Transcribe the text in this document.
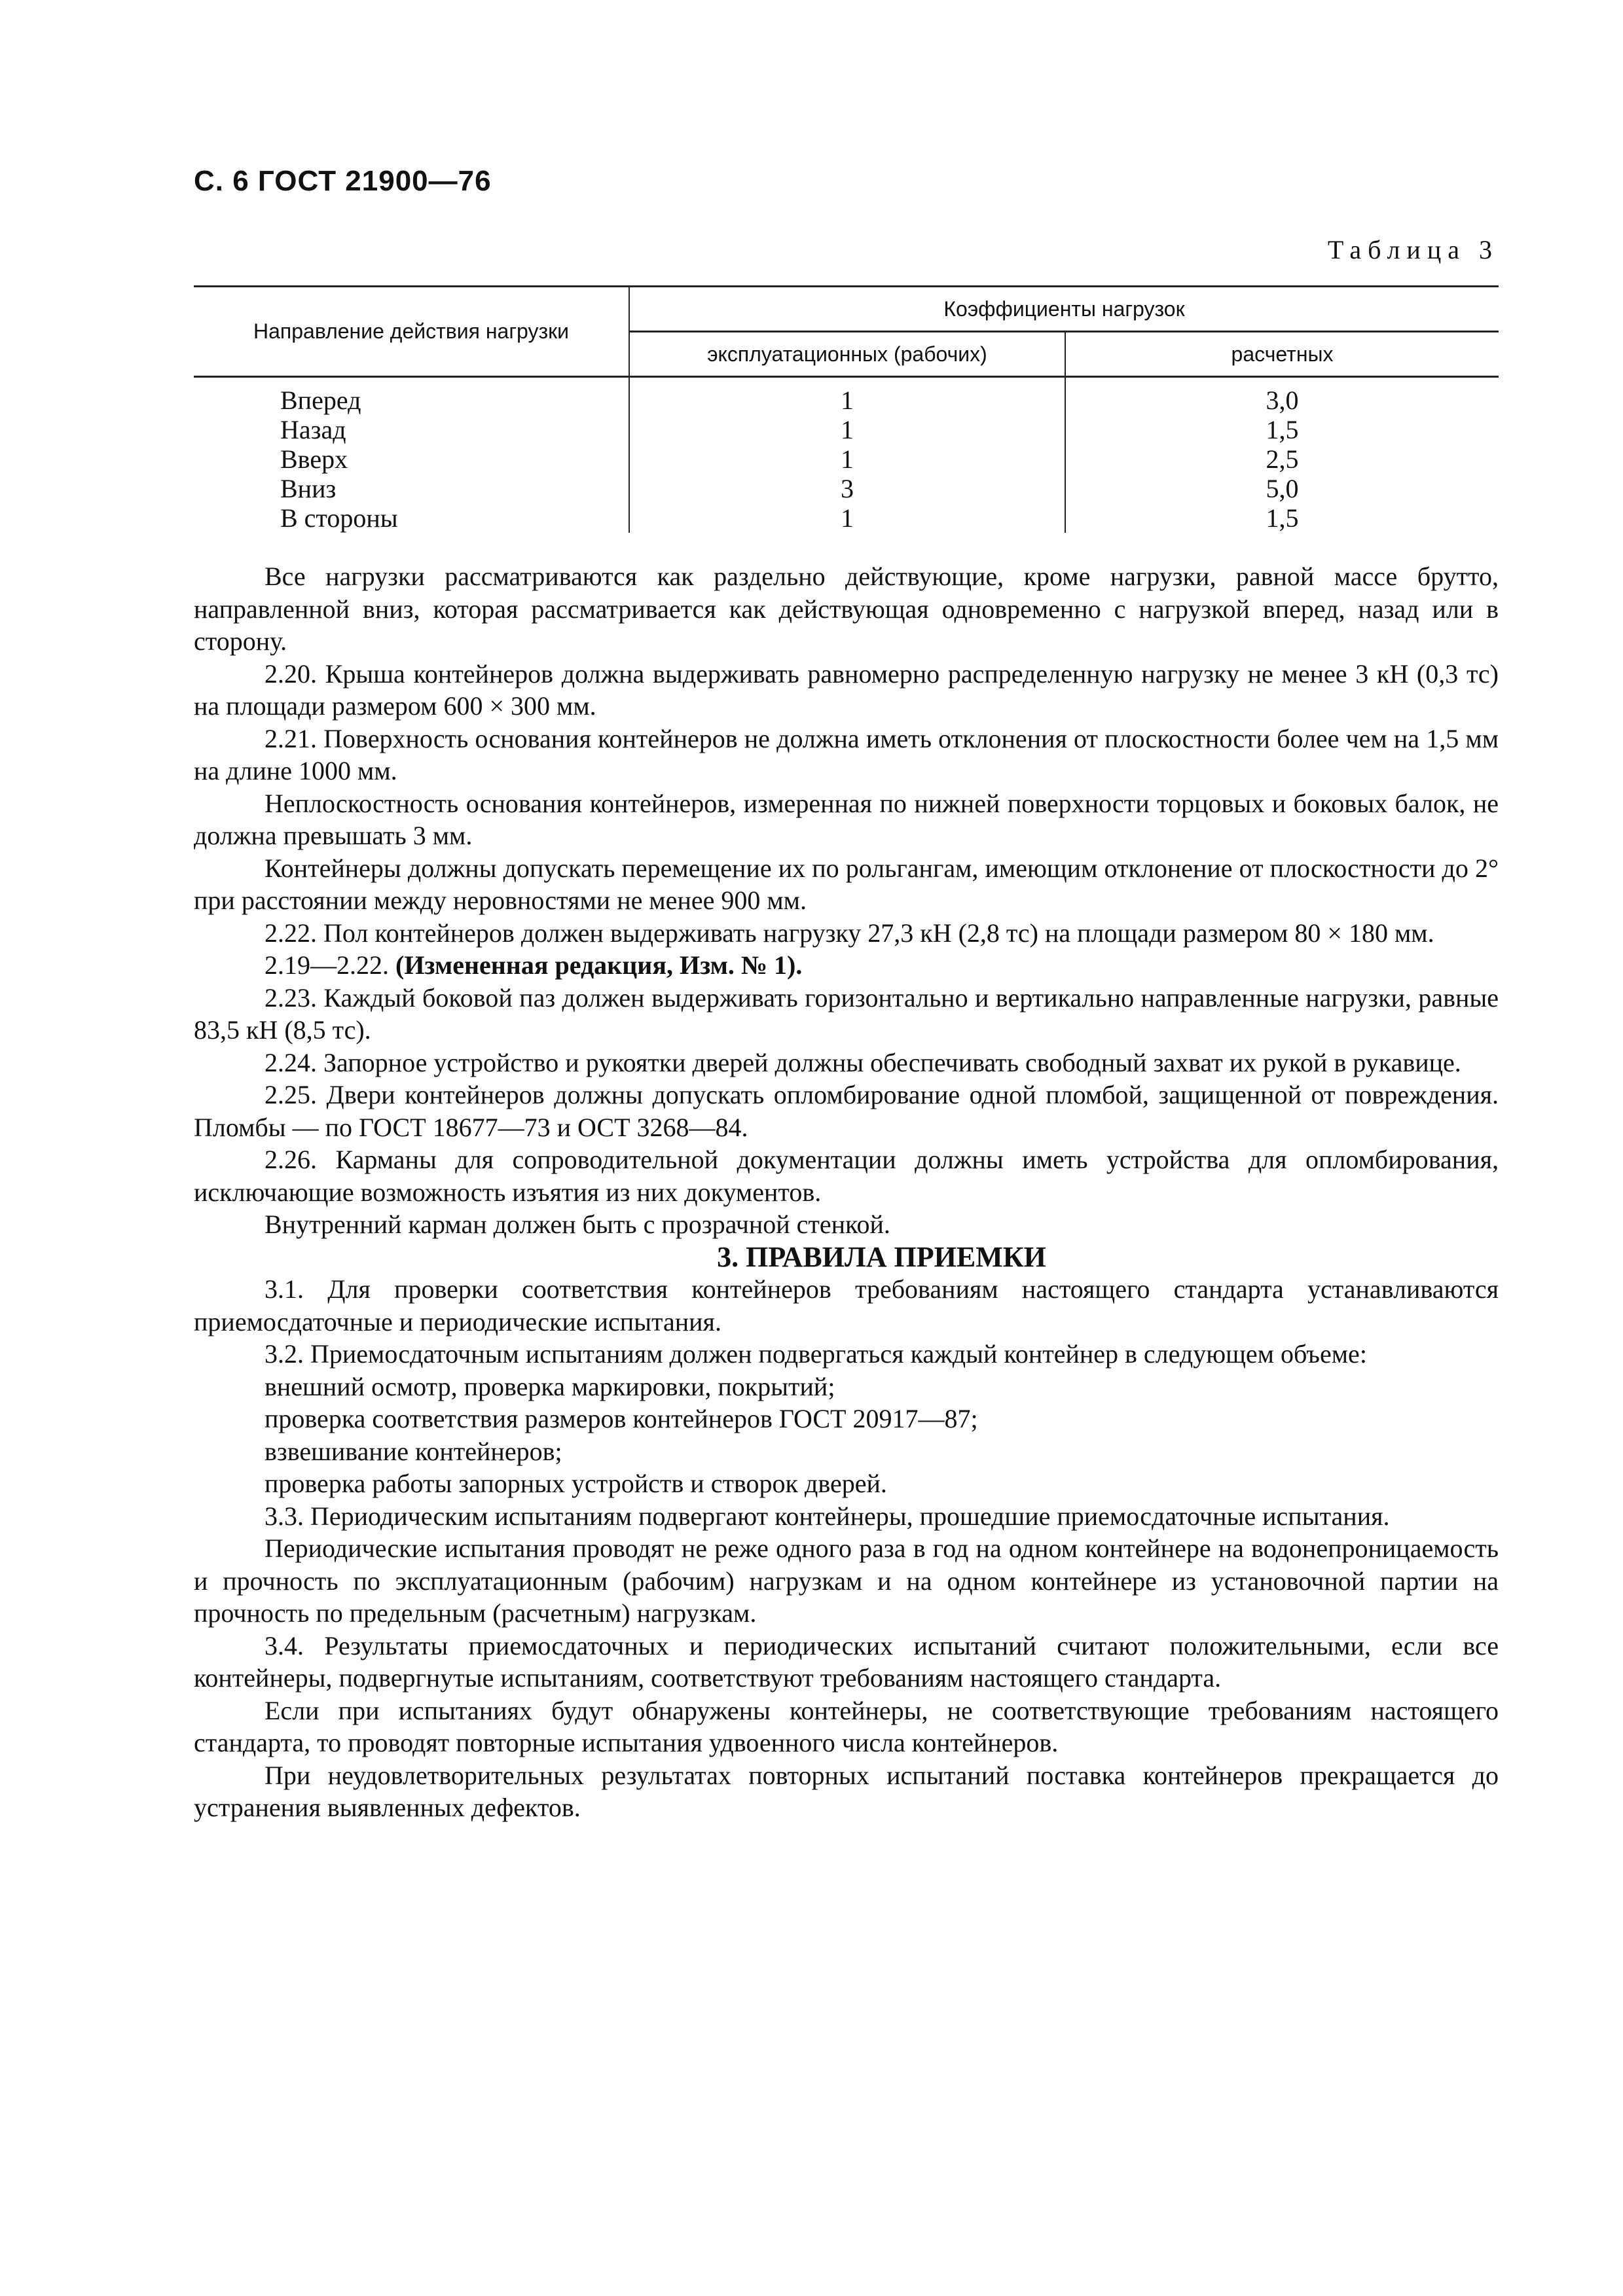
С. 6 ГОСТ 21900—76
Таблица 3
Направление действия нагрузки	Коэффициенты нагрузок	
	эксплуатационных (рабочих)	расчетных
Вперед	1	3,0
Назад	1	1,5
Вверх	1	2,5
Вниз	3	5,0
В стороны	1	1,5

Все нагрузки рассматриваются как раздельно действующие, кроме нагрузки, равной массе брутто, направленной вниз, которая рассматривается как действующая одновременно с нагрузкой вперед, назад или в сторону.

2.20. Крыша контейнеров должна выдерживать равномерно распределенную нагрузку не менее 3 кН (0,3 тс) на площади размером 600 × 300 мм.

2.21. Поверхность основания контейнеров не должна иметь отклонения от плоскостности более чем на 1,5 мм на длине 1000 мм.

Неплоскостность основания контейнеров, измеренная по нижней поверхности торцовых и боковых балок, не должна превышать 3 мм.

Контейнеры должны допускать перемещение их по рольгангам, имеющим отклонение от плоскостности до 2° при расстоянии между неровностями не менее 900 мм.

2.22. Пол контейнеров должен выдерживать нагрузку 27,3 кН (2,8 тс) на площади размером 80 × 180 мм.

2.19—2.22. (Измененная редакция, Изм. № 1).

2.23. Каждый боковой паз должен выдерживать горизонтально и вертикально направленные нагрузки, равные 83,5 кН (8,5 тс).

2.24. Запорное устройство и рукоятки дверей должны обеспечивать свободный захват их рукой в рукавице.

2.25. Двери контейнеров должны допускать опломбирование одной пломбой, защищенной от повреждения. Пломбы — по ГОСТ 18677—73 и ОСТ 3268—84.

2.26. Карманы для сопроводительной документации должны иметь устройства для опломбирования, исключающие возможность изъятия из них документов.

Внутренний карман должен быть с прозрачной стенкой.

3. ПРАВИЛА ПРИЕМКИ

3.1. Для проверки соответствия контейнеров требованиям настоящего стандарта устанавливаются приемосдаточные и периодические испытания.

3.2. Приемосдаточным испытаниям должен подвергаться каждый контейнер в следующем объеме:

внешний осмотр, проверка маркировки, покрытий;

проверка соответствия размеров контейнеров ГОСТ 20917—87;

взвешивание контейнеров;

проверка работы запорных устройств и створок дверей.

3.3. Периодическим испытаниям подвергают контейнеры, прошедшие приемосдаточные испытания.

Периодические испытания проводят не реже одного раза в год на одном контейнере на водонепроницаемость и прочность по эксплуатационным (рабочим) нагрузкам и на одном контейнере из установочной партии на прочность по предельным (расчетным) нагрузкам.

3.4. Результаты приемосдаточных и периодических испытаний считают положительными, если все контейнеры, подвергнутые испытаниям, соответствуют требованиям настоящего стандарта.

Если при испытаниях будут обнаружены контейнеры, не соответствующие требованиям настоящего стандарта, то проводят повторные испытания удвоенного числа контейнеров.

При неудовлетворительных результатах повторных испытаний поставка контейнеров прекращается до устранения выявленных дефектов.
